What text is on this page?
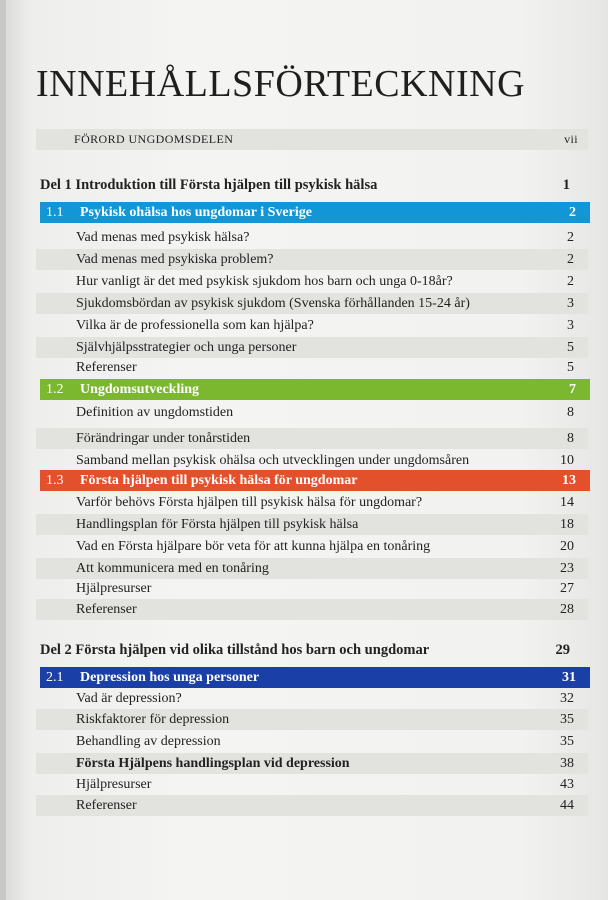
INNEHÅLLSFÖRTECKNING
FÖRORD UNGDOMSDELEN	vii
Del 1 Introduktion till Första hjälpen till psykisk hälsa	1
1.1 Psykisk ohälsa hos ungdomar i Sverige	2
Vad menas med psykisk hälsa?	2
Vad menas med psykiska problem?	2
Hur vanligt är det med psykisk sjukdom hos barn och unga 0-18år?	2
Sjukdomsbördan av psykisk sjukdom (Svenska förhållanden 15-24 år)	3
Vilka är de professionella som kan hjälpa?	3
Självhjälpsstrategier och unga personer	5
Referenser	5
1.2 Ungdomsutveckling	7
Definition av ungdomstiden	8
Förändringar under tonårstiden	8
Samband mellan psykisk ohälsa och utvecklingen under ungdomsåren	10
1.3 Första hjälpen till psykisk hälsa för ungdomar	13
Varför behövs Första hjälpen till psykisk hälsa för ungdomar?	14
Handlingsplan för Första hjälpen till psykisk hälsa	18
Vad en Första hjälpare bör veta för att kunna hjälpa en tonåring	20
Att kommunicera med en tonåring	23
Hjälpresurser	27
Referenser	28
Del 2 Första hjälpen vid olika tillstånd hos barn och ungdomar	29
2.1 Depression hos unga personer	31
Vad är depression?	32
Riskfaktorer för depression	35
Behandling av depression	35
Första Hjälpens handlingsplan vid depression	38
Hjälpresurser	43
Referenser	44
